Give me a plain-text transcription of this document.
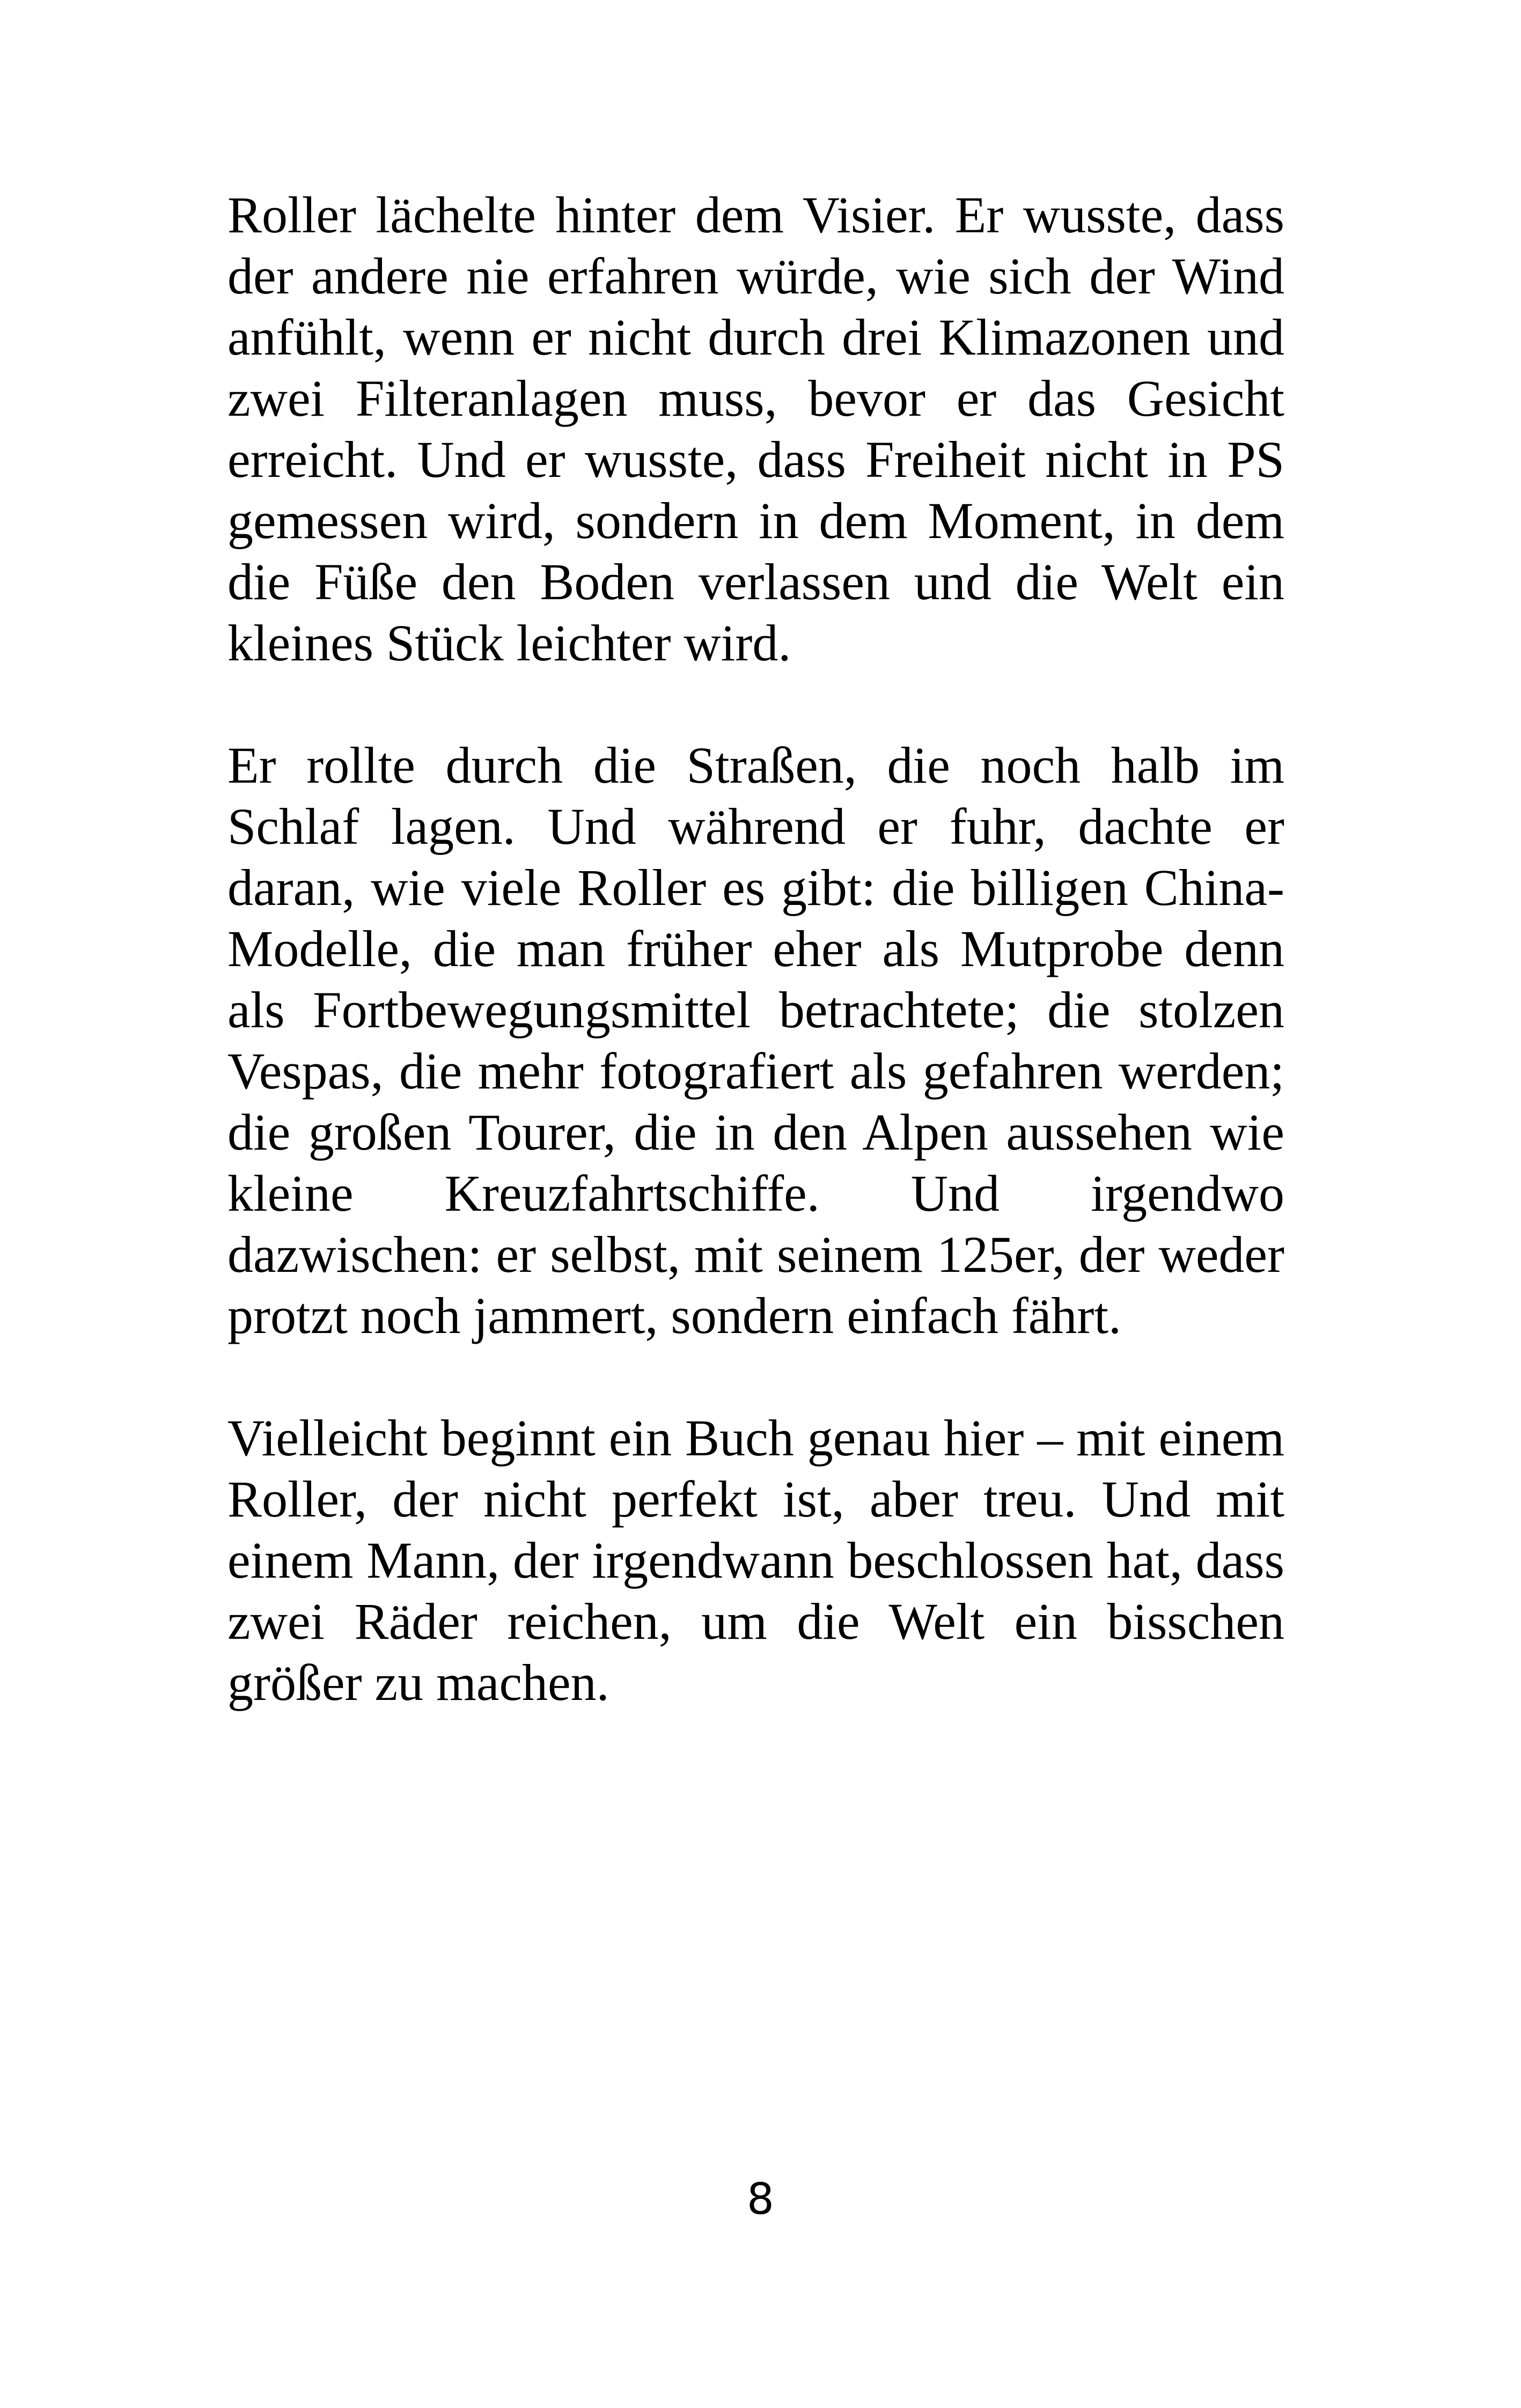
Roller lächelte hinter dem Visier. Er wusste, dass der andere nie erfahren würde, wie sich der Wind anfühlt, wenn er nicht durch drei Klimazonen und zwei Filteranlagen muss, bevor er das Gesicht erreicht. Und er wusste, dass Freiheit nicht in PS gemessen wird, sondern in dem Moment, in dem die Füße den Boden verlassen und die Welt ein kleines Stück leichter wird.

Er rollte durch die Straßen, die noch halb im Schlaf lagen. Und während er fuhr, dachte er daran, wie viele Roller es gibt: die billigen China-Modelle, die man früher eher als Mutprobe denn als Fortbewegungsmittel betrachtete; die stolzen Vespas, die mehr fotografiert als gefahren werden; die großen Tourer, die in den Alpen aussehen wie kleine Kreuzfahrtschiffe. Und irgendwo dazwischen: er selbst, mit seinem 125er, der weder protzt noch jammert, sondern einfach fährt.

Vielleicht beginnt ein Buch genau hier – mit einem Roller, der nicht perfekt ist, aber treu. Und mit einem Mann, der irgendwann beschlossen hat, dass zwei Räder reichen, um die Welt ein bisschen größer zu machen.

8
